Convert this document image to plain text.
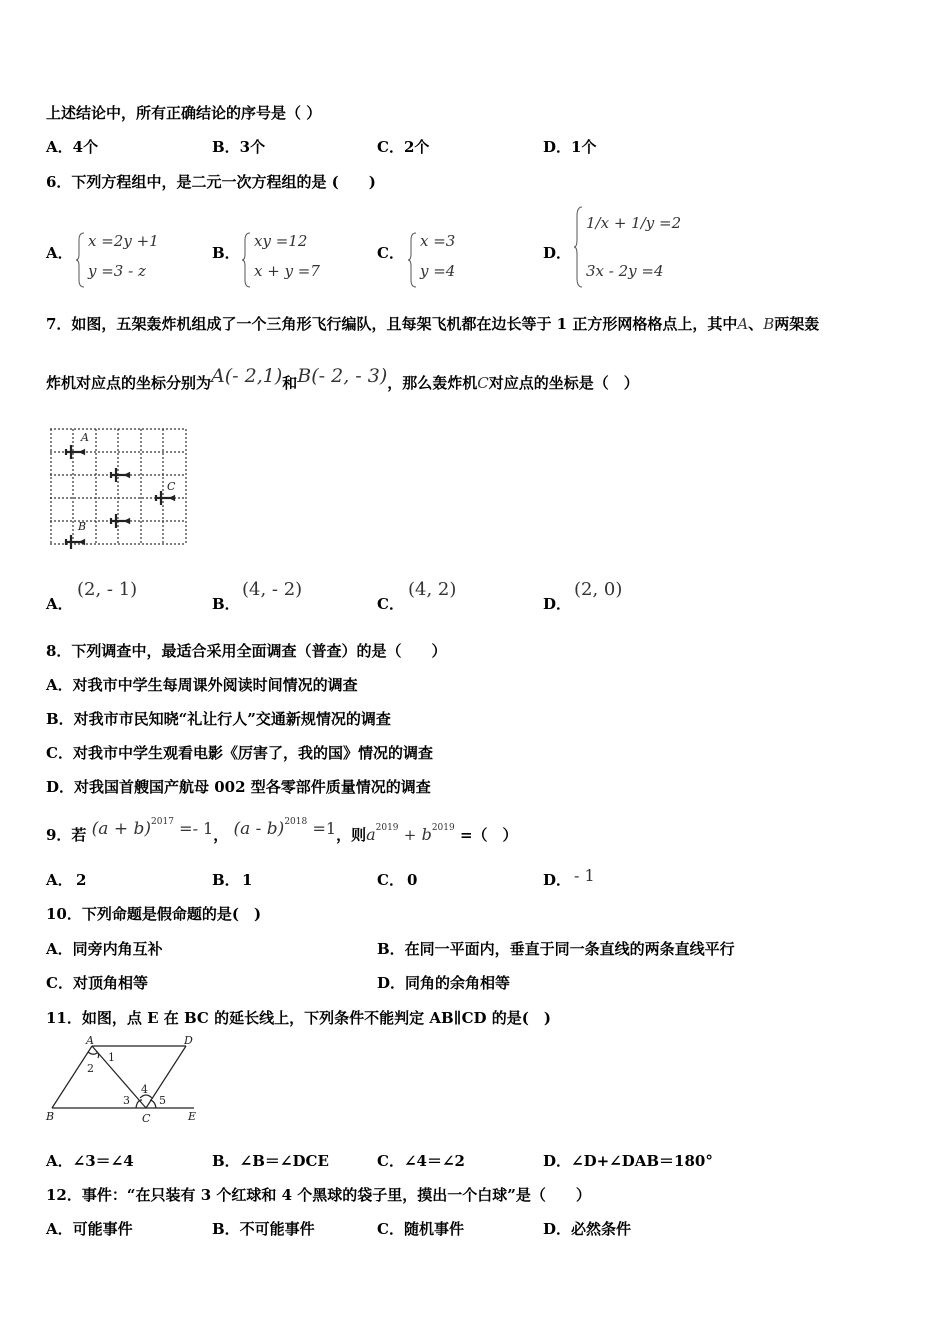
上述结论中，所有正确结论的序号是（ ）
A．4个	B．3个	C．2个	D．1个
6．下列方程组中，是二元一次方程组的是 (　　)
A．
x =2y +1
y =3 - z
B．
xy =12
x + y =7
C．
x =3
y =4
D．
1/x + 1/y =2
3x - 2y =4
7．如图，五架轰炸机组成了一个三角形飞行编队，且每架飞机都在边长等于 1 正方形网格格点上，其中A、B两架轰
炸机对应点的坐标分别为A(- 2,1)和B(- 2, - 3)，那么轰炸机C对应点的坐标是（　）
A
C
B
A．
(2, - 1)
B．
(4, - 2)
C．
(4, 2)
D．
(2, 0)
8．下列调查中，最适合采用全面调查（普查）的是（　　）
A．对我市中学生每周课外阅读时间情况的调查
B．对我市市民知晓“礼让行人”交通新规情况的调查
C．对我市中学生观看电影《厉害了，我的国》情况的调查
D．对我国首艘国产航母 002 型各零部件质量情况的调查
9．若 $(a + b)^{2017} =- 1$， (a - b)$^{2018}$ =1，则$a^{2019} + b^{2019}$ =（　）
A． 2	B． 1	C． 0	D． - 1
10．下列命题是假命题的是(　)
A．同旁内角互补	B．在同一平面内，垂直于同一条直线的两条直线平行
C．对顶角相等	D．同角的余角相等
11．如图，点 E 在 BC 的延长线上，下列条件不能判定 AB∥CD 的是(　)
A	D
1
2
4
3	5
B	C	E
A．∠3＝∠4	B．∠B＝∠DCE	C．∠4＝∠2	D．∠D+∠DAB＝180°
12．事件：“在只装有 3 个红球和 4 个黑球的袋子里，摸出一个白球”是（　　）
A．可能事件	B．不可能事件	C．随机事件	D．必然条件
